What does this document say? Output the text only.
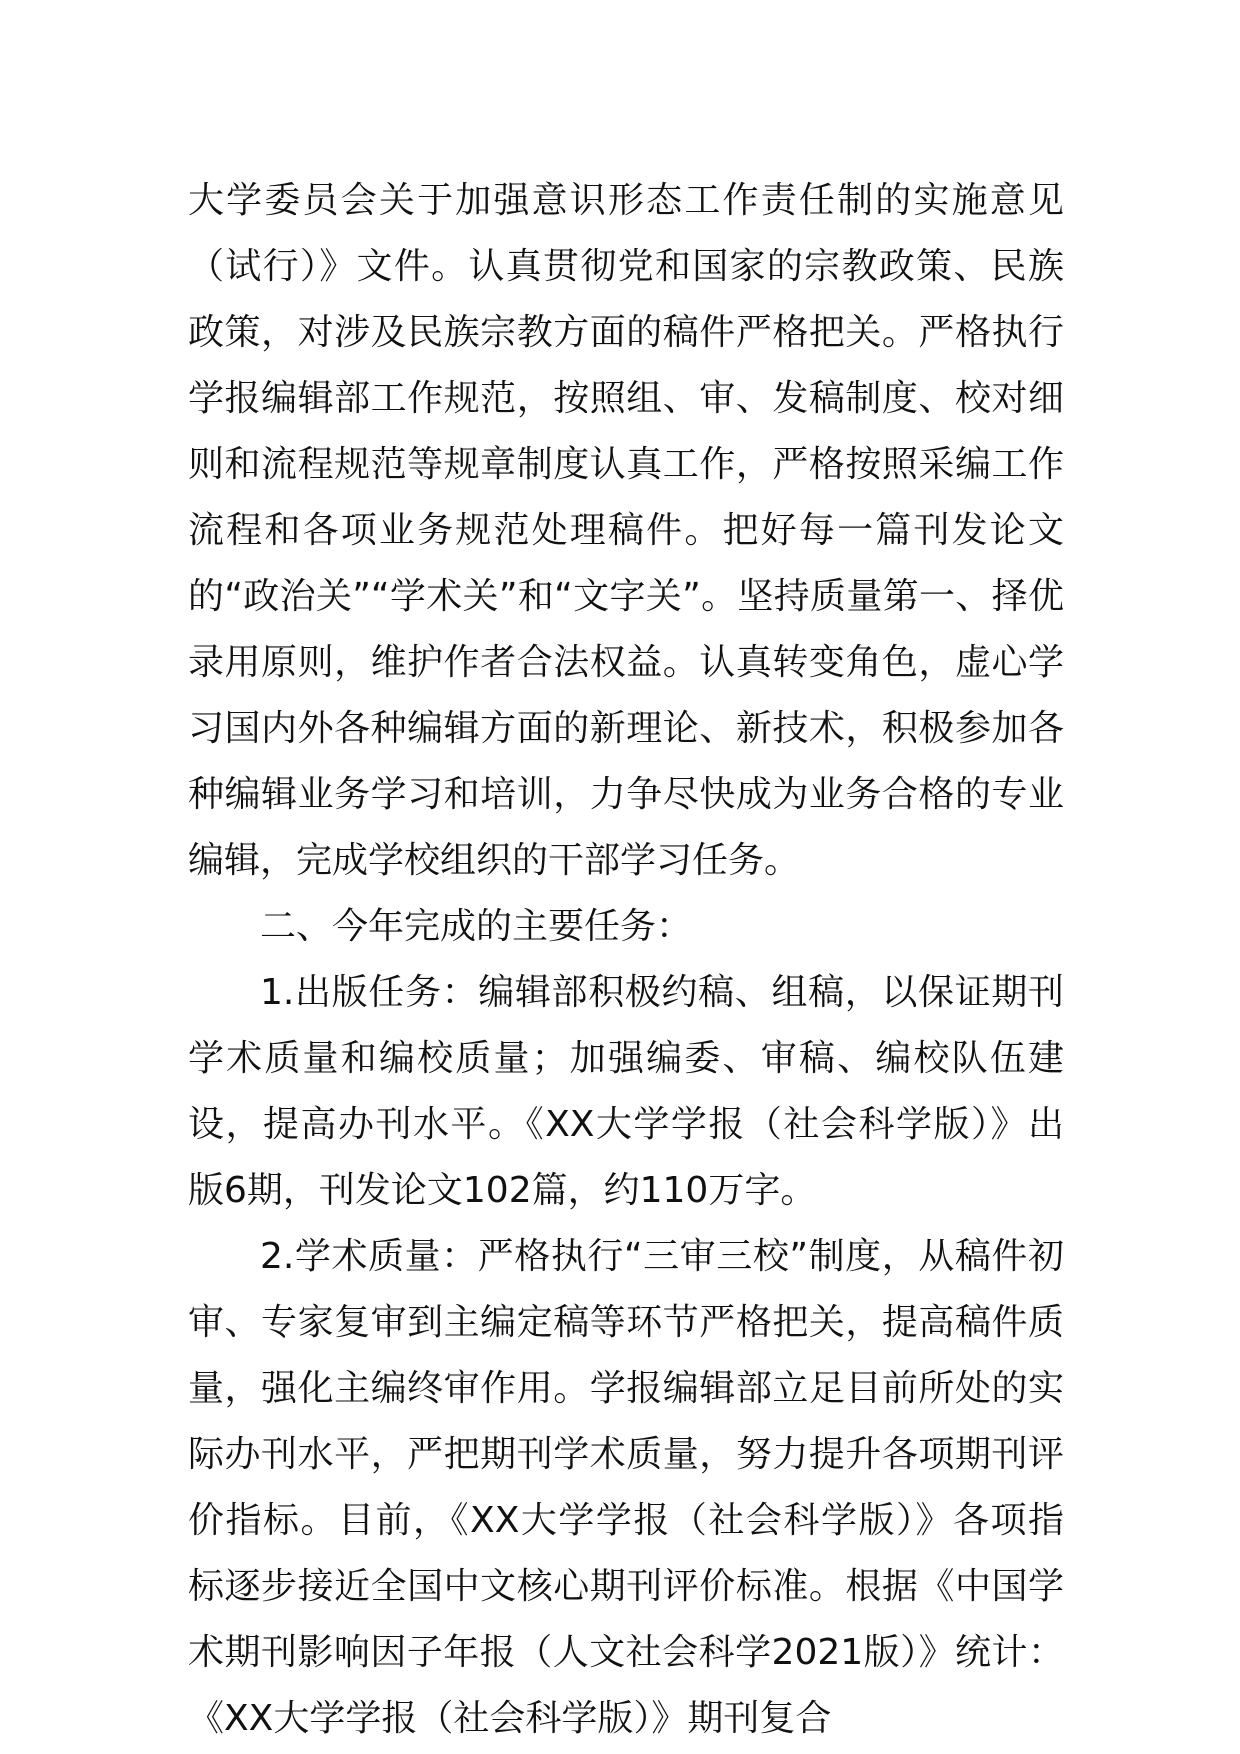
大学委员会关于加强意识形态工作责任制的实施意见（试行）》文件。认真贯彻党和国家的宗教政策、民族政策，对涉及民族宗教方面的稿件严格把关。严格执行学报编辑部工作规范，按照组、审、发稿制度、校对细则和流程规范等规章制度认真工作，严格按照采编工作流程和各项业务规范处理稿件。把好每一篇刊发论文的“政治关”“学术关”和“文字关”。坚持质量第一、择优录用原则，维护作者合法权益。认真转变角色，虚心学习国内外各种编辑方面的新理论、新技术，积极参加各种编辑业务学习和培训，力争尽快成为业务合格的专业编辑，完成学校组织的干部学习任务。

二、今年完成的主要任务：

1.出版任务：编辑部积极约稿、组稿，以保证期刊学术质量和编校质量；加强编委、审稿、编校队伍建设，提高办刊水平。《XX大学学报（社会科学版）》出版6期，刊发论文102篇，约110万字。

2.学术质量：严格执行“三审三校”制度，从稿件初审、专家复审到主编定稿等环节严格把关，提高稿件质量，强化主编终审作用。学报编辑部立足目前所处的实际办刊水平，严把期刊学术质量，努力提升各项期刊评价指标。目前，《XX大学学报（社会科学版）》各项指标逐步接近全国中文核心期刊评价标准。根据《中国学术期刊影响因子年报（人文社会科学2021版）》统计：《XX大学学报（社会科学版）》期刊复合
